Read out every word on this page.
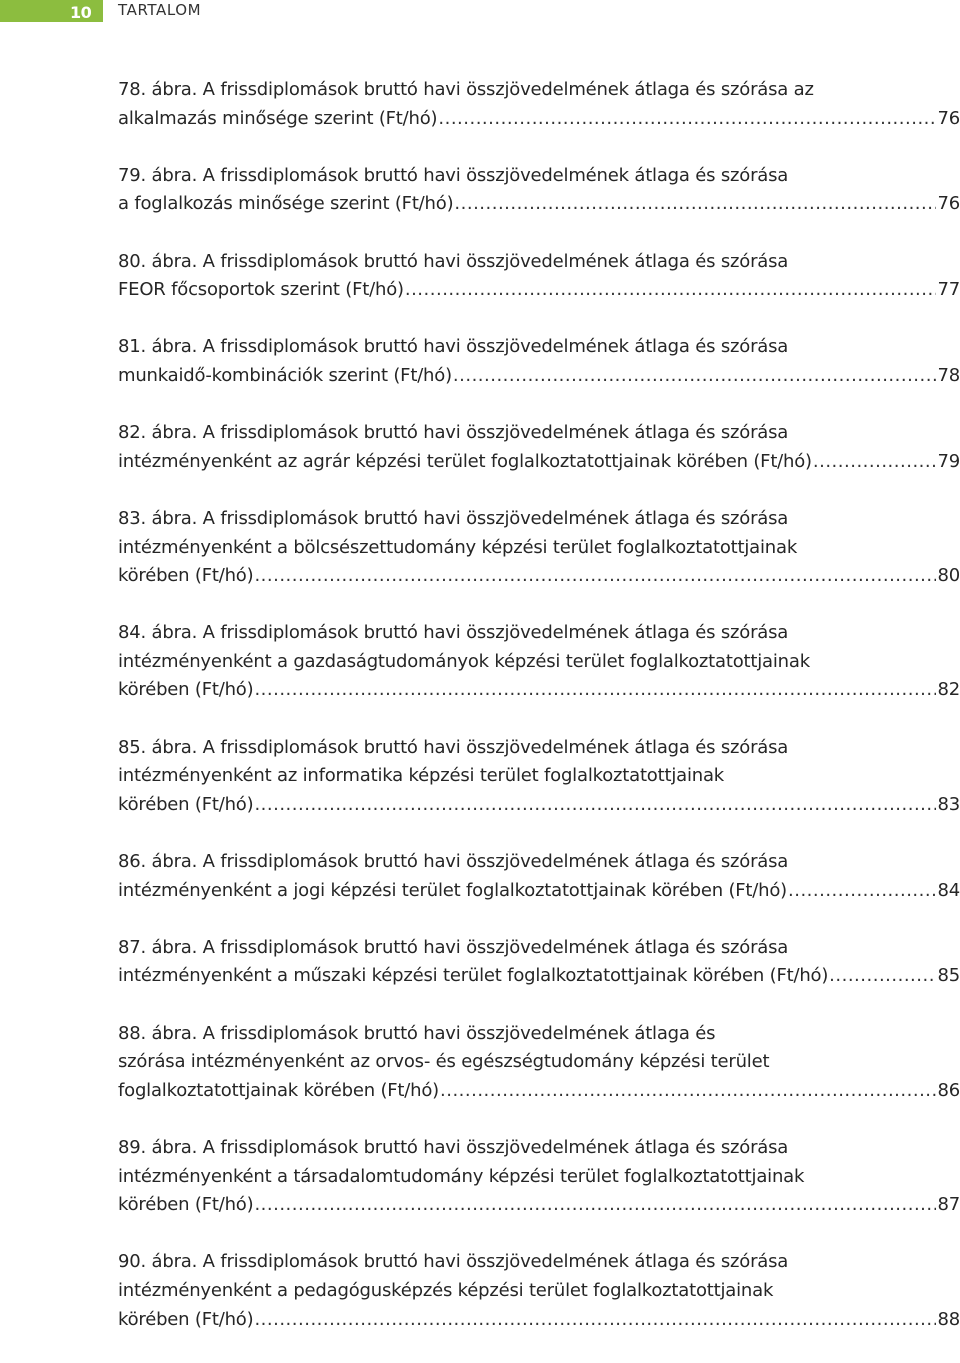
10 TARTALOM
78. ábra. A frissdiplomások bruttó havi összjövedelmének átlaga és szórása az
alkalmazás minősége szerint (Ft/hó) .....	76
79. ábra. A frissdiplomások bruttó havi összjövedelmének átlaga és szórása
a foglalkozás minősége szerint (Ft/hó) .....	76
80. ábra. A frissdiplomások bruttó havi összjövedelmének átlaga és szórása
FEOR főcsoportok szerint (Ft/hó) .....	77
81. ábra. A frissdiplomások bruttó havi összjövedelmének átlaga és szórása
munkaidő-kombinációk szerint (Ft/hó) .....	78
82. ábra. A frissdiplomások bruttó havi összjövedelmének átlaga és szórása
intézményenként az agrár képzési terület foglalkoztatottjainak körében (Ft/hó) .....	79
83. ábra. A frissdiplomások bruttó havi összjövedelmének átlaga és szórása
intézményenként a bölcsészettudomány képzési terület foglalkoztatottjainak
körében (Ft/hó) .....	80
84. ábra. A frissdiplomások bruttó havi összjövedelmének átlaga és szórása
intézményenként a gazdaságtudományok képzési terület foglalkoztatottjainak
körében (Ft/hó) .....	82
85. ábra. A frissdiplomások bruttó havi összjövedelmének átlaga és szórása
intézményenként az informatika képzési terület foglalkoztatottjainak
körében (Ft/hó) .....	83
86. ábra. A frissdiplomások bruttó havi összjövedelmének átlaga és szórása
intézményenként a jogi képzési terület foglalkoztatottjainak körében (Ft/hó) .....	84
87. ábra. A frissdiplomások bruttó havi összjövedelmének átlaga és szórása
intézményenként a műszaki képzési terület foglalkoztatottjainak körében (Ft/hó) .....	85
88. ábra. A frissdiplomások bruttó havi összjövedelmének átlaga és
szórása intézményenként az orvos- és egészségtudomány képzési terület
foglalkoztatottjainak körében (Ft/hó) .....	86
89. ábra. A frissdiplomások bruttó havi összjövedelmének átlaga és szórása
intézményenként a társadalomtudomány képzési terület foglalkoztatottjainak
körében (Ft/hó) .....	87
90. ábra. A frissdiplomások bruttó havi összjövedelmének átlaga és szórása
intézményenként a pedagógusképzés képzési terület foglalkoztatottjainak
körében (Ft/hó) .....	88
